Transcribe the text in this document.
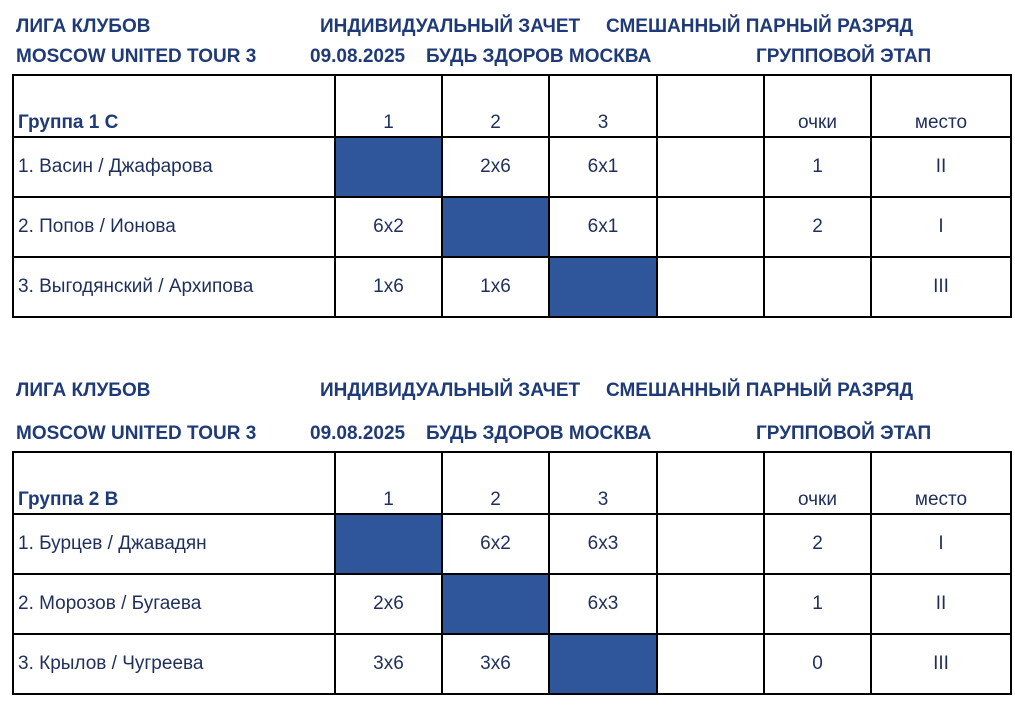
ЛИГА КЛУБОВ	ИНДИВИДУАЛЬНЫЙ ЗАЧЕТ СМЕШАННЫЙ ПАРНЫЙ РАЗРЯД
MOSCOW UNITED TOUR 3	09.08.2025 БУДЬ ЗДОРОВ МОСКВА	ГРУППОВОЙ ЭТАП
Группа 1 С	1	2	3		очки	место
1. Васин / Джафарова		2х6	6х1		1	II
2. Попов / Ионова	6х2		6х1		2	I
3. Выгодянский / Архипова	1х6	1х6				III
ЛИГА КЛУБОВ	ИНДИВИДУАЛЬНЫЙ ЗАЧЕТ СМЕШАННЫЙ ПАРНЫЙ РАЗРЯД
MOSCOW UNITED TOUR 3	09.08.2025 БУДЬ ЗДОРОВ МОСКВА	ГРУППОВОЙ ЭТАП
Группа 2 В	1	2	3		очки	место
1. Бурцев / Джавадян		6х2	6х3		2	I
2. Морозов / Бугаева	2х6		6х3		1	II
3. Крылов / Чугреева	3х6	3х6			0	III
